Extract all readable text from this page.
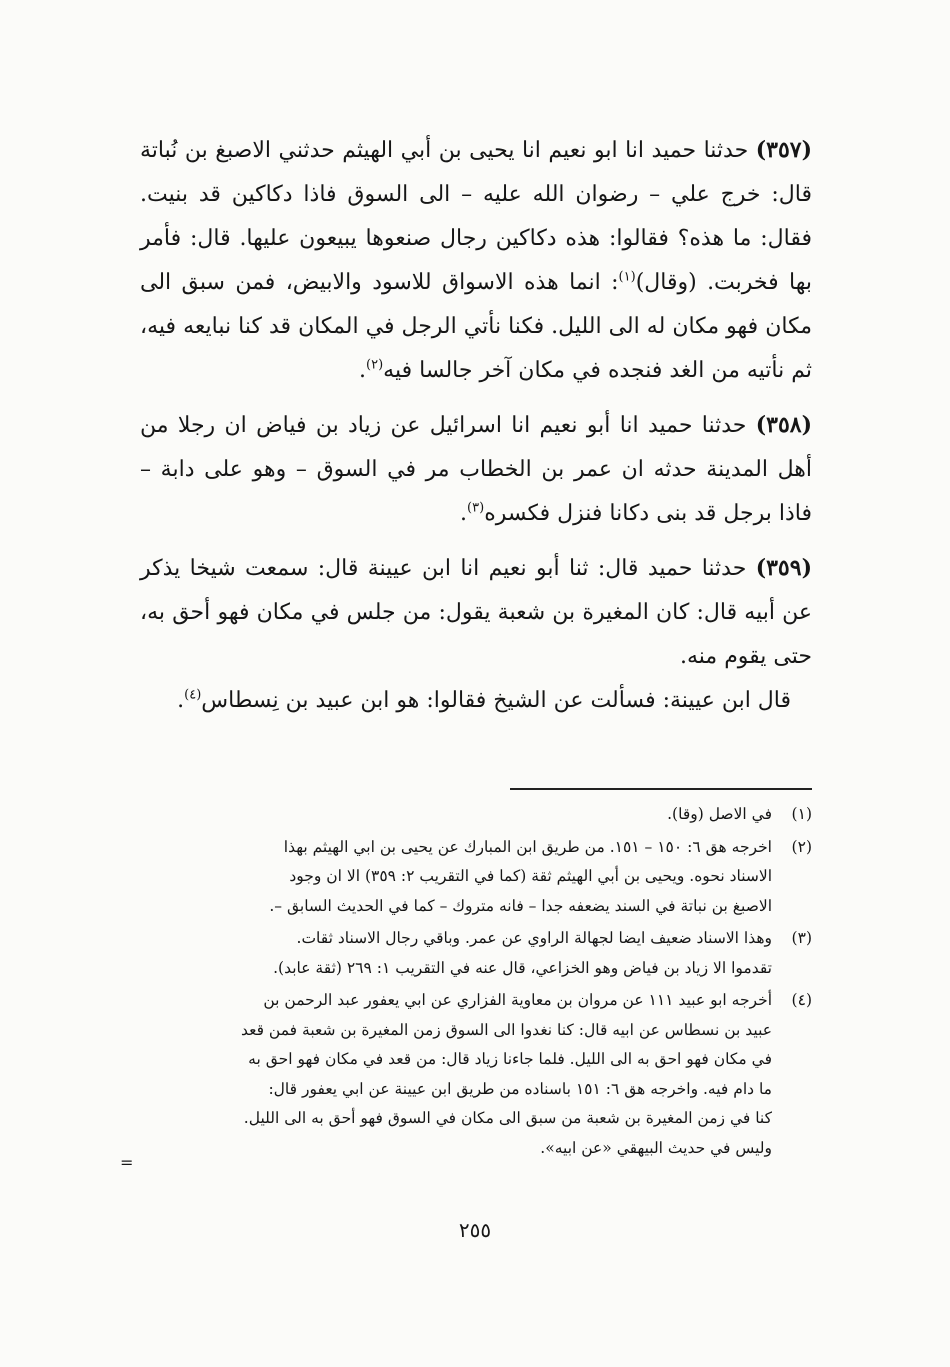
(٣٥٧) حدثنا حميد انا ابو نعيم انا يحيى بن أبي الهيثم حدثني الاصبغ بن نُباتة قال: خرج علي – رضوان الله عليه – الى السوق فاذا دكاكين قد بنيت. فقال: ما هذه؟ فقالوا: هذه دكاكين رجال صنعوها يبيعون عليها. قال: فأمر بها فخربت. (وقال)$^{(١)}$: انما هذه الاسواق للاسود والابيض، فمن سبق الى مكان فهو مكان له الى الليل. فكنا نأتي الرجل في المكان قد كنا نبايعه فيه، ثم نأتيه من الغد فنجده في مكان آخر جالسا فيه$^{(٢)}$.

(٣٥٨) حدثنا حميد انا أبو نعيم انا اسرائيل عن زياد بن فياض ان رجلا من أهل المدينة حدثه ان عمر بن الخطاب مر في السوق – وهو على دابة – فاذا برجل قد بنى دكانا فنزل فكسره$^{(٣)}$.

(٣٥٩) حدثنا حميد قال: ثنا أبو نعيم انا ابن عيينة قال: سمعت شيخا يذكر عن أبيه قال: كان المغيرة بن شعبة يقول: من جلس في مكان فهو أحق به، حتى يقوم منه.

قال ابن عيينة: فسألت عن الشيخ فقالوا: هو ابن عبيد بن نِسطاس$^{(٤)}$.

(١)
في الاصل (وقا).
(٢)
اخرجه هق ٦: ١٥٠ – ١٥١. من طريق ابن المبارك عن يحيى بن ابي الهيثم بهذا
الاسناد نحوه. ويحيى بن أبي الهيثم ثقة (كما في التقريب ٢: ٣٥٩) الا ان وجود
الاصبغ بن نباتة في السند يضعفه جدا – فانه متروك – كما في الحديث السابق –.
(٣)
وهذا الاسناد ضعيف ايضا لجهالة الراوي عن عمر. وباقي رجال الاسناد ثقات.
تقدموا الا زياد بن فياض وهو الخزاعي، قال عنه في التقريب ١: ٢٦٩ (ثقة عابد).
(٤)
أخرجه ابو عبيد ١١١ عن مروان بن معاوية الفزاري عن ابي يعفور عبد الرحمن بن
عبيد بن نسطاس عن ابيه قال: كنا نغدوا الى السوق زمن المغيرة بن شعبة فمن قعد
في مكان فهو احق به الى الليل. فلما جاءنا زياد قال: من قعد في مكان فهو احق به
ما دام فيه. واخرجه هق ٦: ١٥١ باسناده من طريق ابن عيينة عن ابي يعفور قال:
كنا في زمن المغيرة بن شعبة من سبق الى مكان في السوق فهو أحق به الى الليل.
وليس في حديث البيهقي «عن ابيه».
=
٢٥٥
